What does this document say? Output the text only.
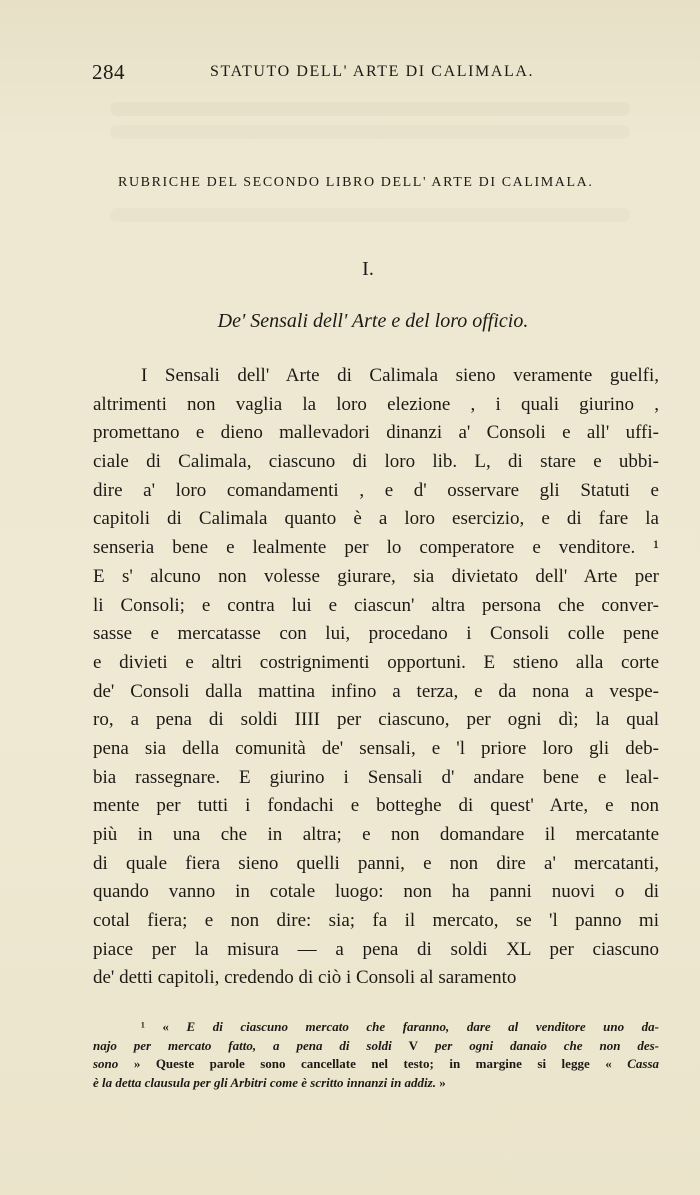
284	STATUTO DELL' ARTE DI CALIMALA.
RUBRICHE DEL SECONDO LIBRO DELL' ARTE DI CALIMALA.
I.
De' Sensali dell' Arte e del loro officio.
I Sensali dell' Arte di Calimala sieno veramente guelfi,
altrimenti non vaglia la loro elezione , i quali giurino ,
promettano e dieno mallevadori dinanzi a' Consoli e all' uffi-
ciale di Calimala, ciascuno di loro lib. L, di stare e ubbi-
dire a' loro comandamenti , e d' osservare gli Statuti e
capitoli di Calimala quanto è a loro esercizio, e di fare la
senseria bene e lealmente per lo comperatore e venditore. ¹
E s' alcuno non volesse giurare, sia divietato dell' Arte per
li Consoli; e contra lui e ciascun' altra persona che conver-
sasse e mercatasse con lui, procedano i Consoli colle pene
e divieti e altri costrignimenti opportuni. E stieno alla corte
de' Consoli dalla mattina infino a terza, e da nona a vespe-
ro, a pena di soldi IIII per ciascuno, per ogni dì; la qual
pena sia della comunità de' sensali, e 'l priore loro gli deb-
bia rassegnare. E giurino i Sensali d' andare bene e leal-
mente per tutti i fondachi e botteghe di quest' Arte, e non
più in una che in altra; e non domandare il mercatante
di quale fiera sieno quelli panni, e non dire a' mercatanti,
quando vanno in cotale luogo: non ha panni nuovi o di
cotal fiera; e non dire: sia; fa il mercato, se 'l panno mi
piace per la misura — a pena di soldi XL per ciascuno
de' detti capitoli, credendo di ciò i Consoli al saramento
¹ « E di ciascuno mercato che faranno, dare al venditore uno da-
najo per mercato fatto, a pena di soldi V per ogni danaio che non des-
sono » Queste parole sono cancellate nel testo; in margine si legge « Cassa
è la detta clausula per gli Arbitri come è scritto innanzi in addiz. »
